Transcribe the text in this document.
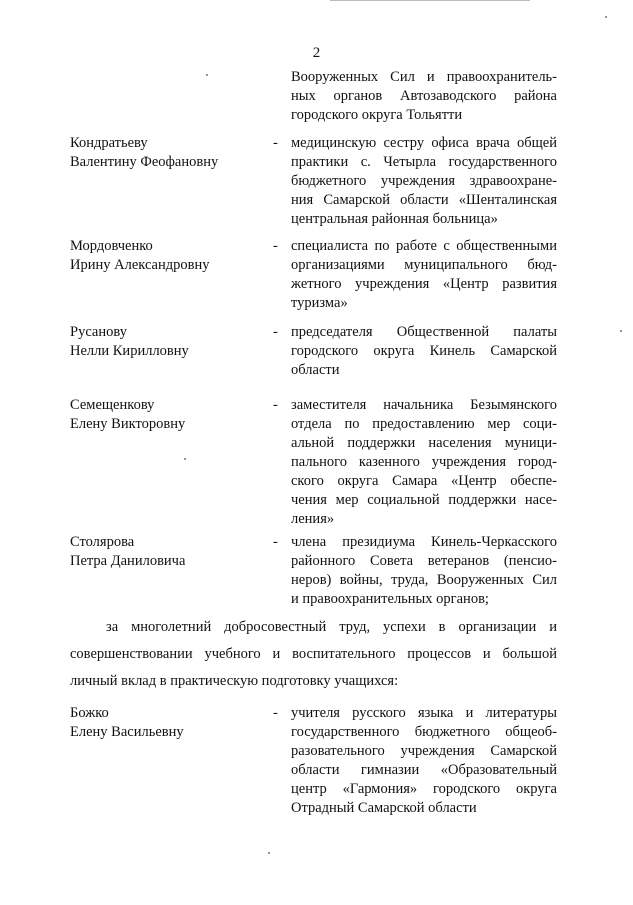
2
Вооруженных Сил и правоохранитель-
ных органов Автозаводского района
городского округа Тольятти
Кондратьеву
Валентину Феофановну
- медицинскую сестру офиса врача общей
практики с. Четырла государственного
бюджетного учреждения здравоохране-
ния Самарской области «Шенталинская
центральная районная больница»
Мордовченко
Ирину Александровну
- специалиста по работе с общественными
организациями муниципального бюд-
жетного учреждения «Центр развития
туризма»
Русанову
Нелли Кирилловну
- председателя Общественной палаты
городского округа Кинель Самарской
области
Семещенкову
Елену Викторовну
- заместителя начальника Безымянского
отдела по предоставлению мер соци-
альной поддержки населения муници-
пального казенного учреждения город-
ского округа Самара «Центр обеспе-
чения мер социальной поддержки насе-
ления»
Столярова
Петра Даниловича
- члена президиума Кинель-Черкасского
районного Совета ветеранов (пенсио-
неров) войны, труда, Вооруженных Сил
и правоохранительных органов;
за многолетний добросовестный труд, успехи в организации и
совершенствовании учебного и воспитательного процессов и большой
личный вклад в практическую подготовку учащихся:
Божко
Елену Васильевну
- учителя русского языка и литературы
государственного бюджетного общеоб-
разовательного учреждения Самарской
области гимназии «Образовательный
центр «Гармония» городского округа
Отрадный Самарской области
